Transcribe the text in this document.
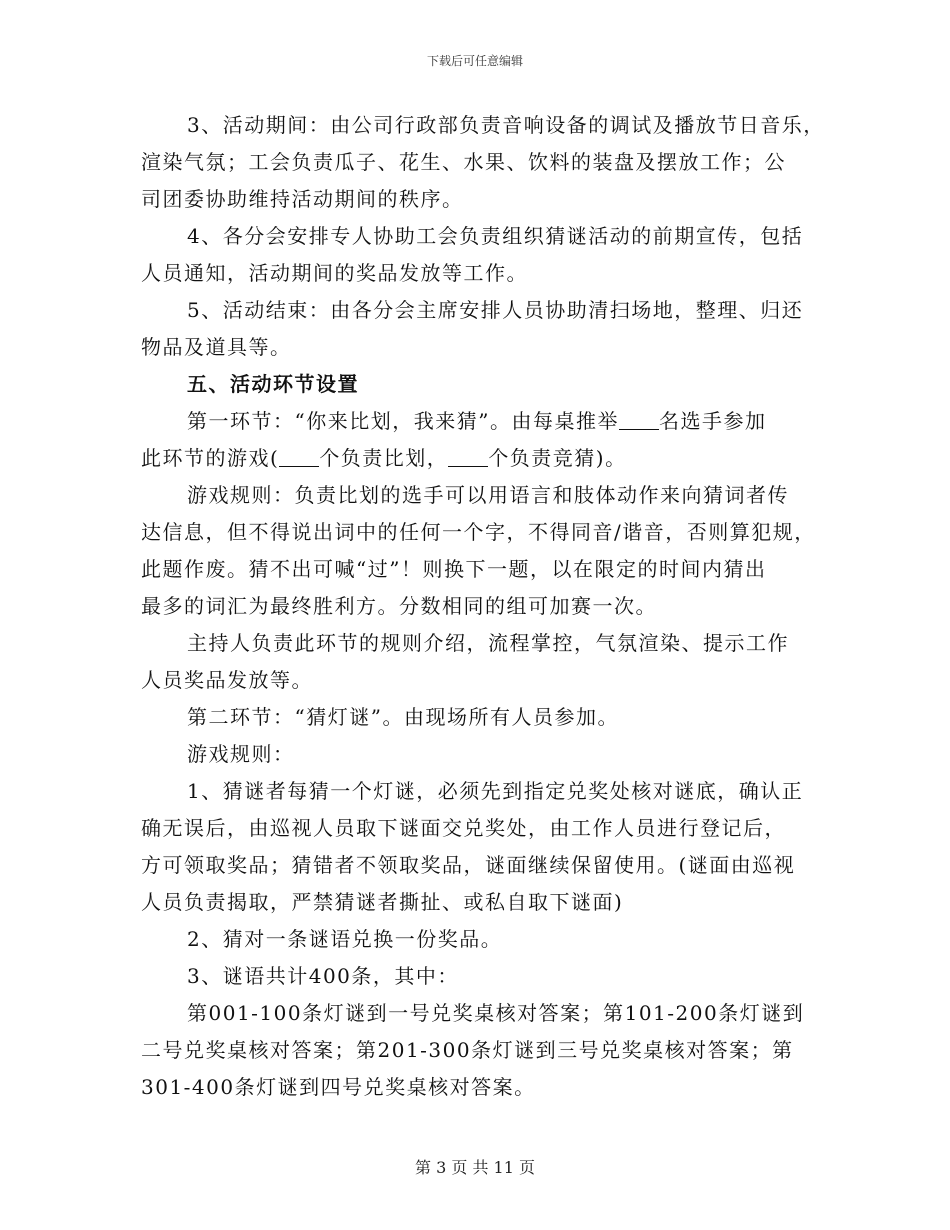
下载后可任意编辑
3、活动期间：由公司行政部负责音响设备的调试及播放节日音乐，
渲染气氛；工会负责瓜子、花生、水果、饮料的装盘及摆放工作；公
司团委协助维持活动期间的秩序。
4、各分会安排专人协助工会负责组织猜谜活动的前期宣传，包括
人员通知，活动期间的奖品发放等工作。
5、活动结束：由各分会主席安排人员协助清扫场地，整理、归还
物品及道具等。
五、活动环节设置
第一环节：“你来比划，我来猜”。由每桌推举 名选手参加
此环节的游戏( 个负责比划， 个负责竞猜)。
游戏规则：负责比划的选手可以用语言和肢体动作来向猜词者传
达信息，但不得说出词中的任何一个字，不得同音/谐音，否则算犯规，
此题作废。猜不出可喊“过”！则换下一题，以在限定的时间内猜出
最多的词汇为最终胜利方。分数相同的组可加赛一次。
主持人负责此环节的规则介绍，流程掌控，气氛渲染、提示工作
人员奖品发放等。
第二环节：“猜灯谜”。由现场所有人员参加。
游戏规则：
1、猜谜者每猜一个灯谜，必须先到指定兑奖处核对谜底，确认正
确无误后，由巡视人员取下谜面交兑奖处，由工作人员进行登记后，
方可领取奖品；猜错者不领取奖品，谜面继续保留使用。(谜面由巡视
人员负责揭取，严禁猜谜者撕扯、或私自取下谜面)
2、猜对一条谜语兑换一份奖品。
3、谜语共计400条，其中：
第001-100条灯谜到一号兑奖桌核对答案；第101-200条灯谜到
二号兑奖桌核对答案；第201-300条灯谜到三号兑奖桌核对答案；第
301-400条灯谜到四号兑奖桌核对答案。
第 3 页 共 11 页
